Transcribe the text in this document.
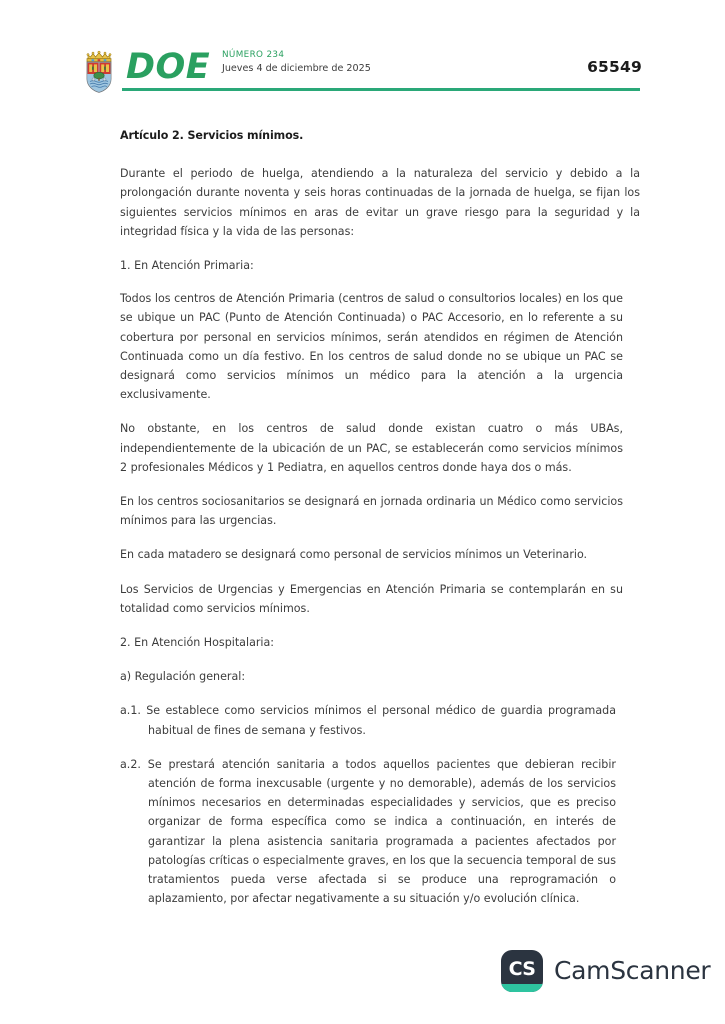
DOE NÚMERO 234

Jueves 4 de diciembre de 2025	65549

Artículo 2. Servicios mínimos.

Durante el periodo de huelga, atendiendo a la naturaleza del servicio y debido a la prolongación durante noventa y seis horas continuadas de la jornada de huelga, se fijan los siguientes servicios mínimos en aras de evitar un grave riesgo para la seguridad y la integridad física y la vida de las personas:

1. En Atención Primaria:

Todos los centros de Atención Primaria (centros de salud o consultorios locales) en los que se ubique un PAC (Punto de Atención Continuada) o PAC Accesorio, en lo referente a su cobertura por personal en servicios mínimos, serán atendidos en régimen de Atención Continuada como un día festivo. En los centros de salud donde no se ubique un PAC se designará como servicios mínimos un médico para la atención a la urgencia exclusivamente.

No obstante, en los centros de salud donde existan cuatro o más UBAs, independientemente de la ubicación de un PAC, se establecerán como servicios mínimos 2 profesionales Médicos y 1 Pediatra, en aquellos centros donde haya dos o más.

En los centros sociosanitarios se designará en jornada ordinaria un Médico como servicios mínimos para las urgencias.

En cada matadero se designará como personal de servicios mínimos un Veterinario.

Los Servicios de Urgencias y Emergencias en Atención Primaria se contemplarán en su totalidad como servicios mínimos.

2. En Atención Hospitalaria:

a) Regulación general:

a.1. Se establece como servicios mínimos el personal médico de guardia programada habitual de fines de semana y festivos.

a.2. Se prestará atención sanitaria a todos aquellos pacientes que debieran recibir atención de forma inexcusable (urgente y no demorable), además de los servicios mínimos necesarios en determinadas especialidades y servicios, que es preciso organizar de forma específica como se indica a continuación, en interés de garantizar la plena asistencia sanitaria programada a pacientes afectados por patologías críticas o especialmente graves, en los que la secuencia temporal de sus tratamientos pueda verse afectada si se produce una reprogramación o aplazamiento, por afectar negativamente a su situación y/o evolución clínica.

CS CamScanner
